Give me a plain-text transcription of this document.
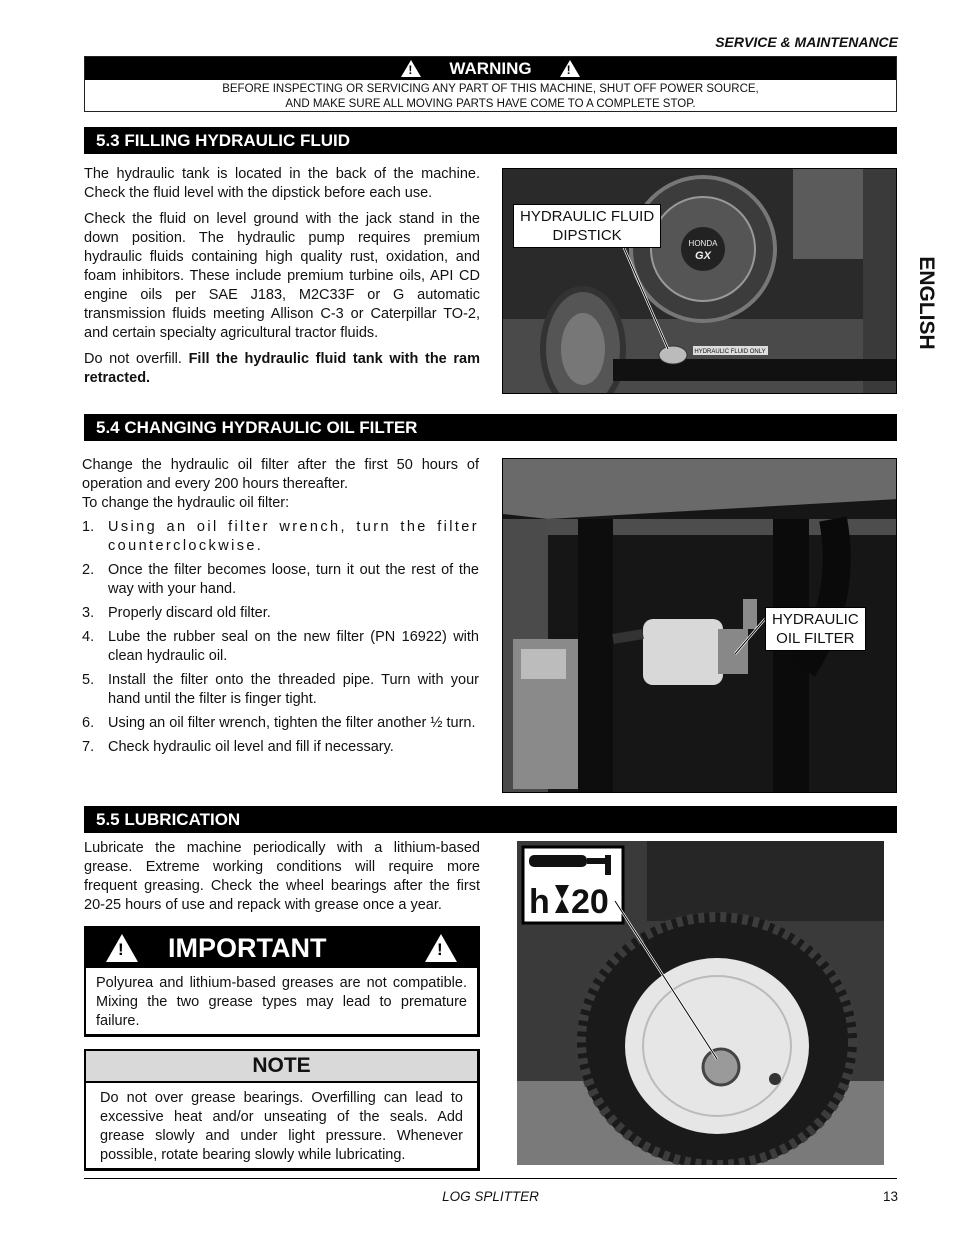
SERVICE & MAINTENANCE
!
WARNING
!
BEFORE INSPECTING OR SERVICING ANY PART OF THIS MACHINE, SHUT OFF POWER SOURCE,
AND MAKE SURE ALL MOVING PARTS HAVE COME TO A COMPLETE STOP.
5.3 FILLING HYDRAULIC FLUID

The hydraulic tank is located in the back of the machine. Check the fluid level with the dipstick before each use.

Check the fluid on level ground with the jack stand in the down position. The hydraulic pump requires premium hydraulic fluids containing high quality rust, oxidation, and foam inhibitors. These include premium turbine oils, API CD engine oils per SAE J183, M2C33F or G automatic transmission fluids meeting Allison C-3 or Caterpillar TO-2, and certain specialty agricultural tractor fluids.

Do not overfill. Fill the hydraulic fluid tank with the ram retracted.

HONDA
GX
HYDRAULIC FLUID ONLY
HYDRAULIC FLUID
DIPSTICK
5.4 CHANGING HYDRAULIC OIL FILTER
Change the hydraulic oil filter after the first 50 hours of operation and every 200 hours thereafter.
To change the hydraulic oil filter:
1. Using an oil filter wrench, turn the filter counterclockwise.
2. Once the filter becomes loose, turn it out the rest of the way with your hand.
3. Properly discard old filter.
4. Lube the rubber seal on the new filter (PN 16922) with clean hydraulic oil.
5. Install the filter onto the threaded pipe. Turn with your hand until the filter is finger tight.
6. Using an oil filter wrench, tighten the filter another ½ turn.
7. Check hydraulic oil level and fill if necessary.
HYDRAULIC
OIL FILTER
5.5 LUBRICATION

Lubricate the machine periodically with a lithium-based grease. Extreme working conditions will require more frequent greasing. Check the wheel bearings after the first 20-25 hours of use and repack with grease once a year.

!
IMPORTANT
!
Polyurea and lithium-based greases are not compatible. Mixing the two grease types may lead to premature failure.
NOTE
Do not over grease bearings. Overfilling can lead to excessive heat and/or unseating of the seals. Add grease slowly and under light pressure. Whenever possible, rotate bearing slowly while lubricating.
h 20
ENGLISH
LOG SPLITTER	13
